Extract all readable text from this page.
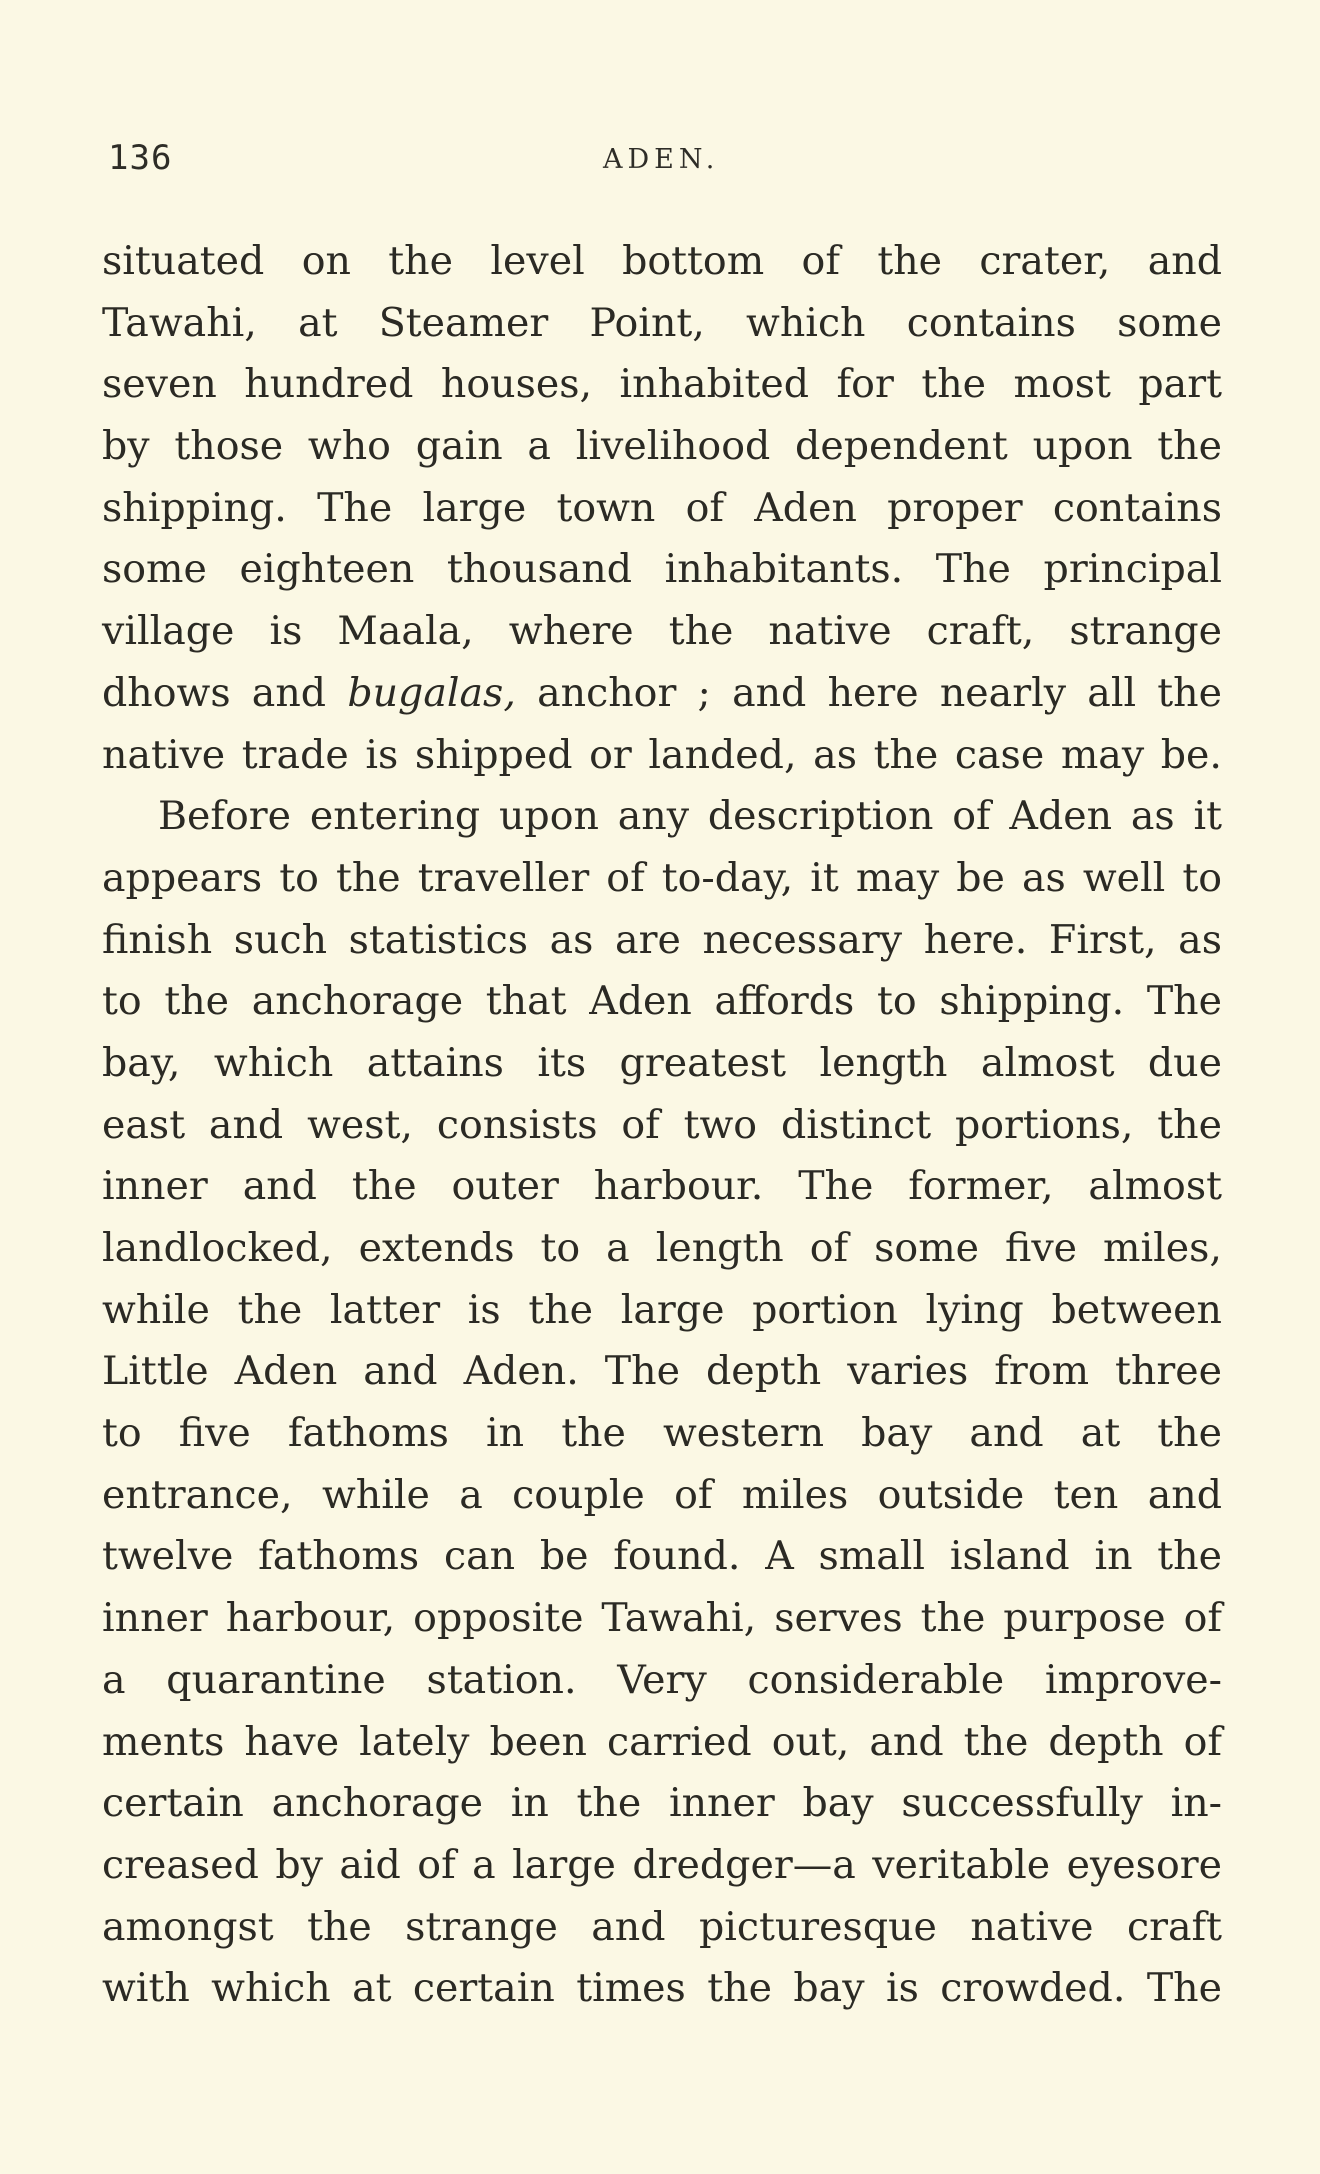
136	ADEN.
situated on the level bottom of the crater, and
Tawahi, at Steamer Point, which contains some
seven hundred houses, inhabited for the most part
by those who gain a livelihood dependent upon the
shipping. The large town of Aden proper contains
some eighteen thousand inhabitants. The principal
village is Maala, where the native craft, strange
dhows and bugalas, anchor ; and here nearly all the
native trade is shipped or landed, as the case may be.
Before entering upon any description of Aden as it
appears to the traveller of to-day, it may be as well to
finish such statistics as are necessary here. First, as
to the anchorage that Aden affords to shipping. The
bay, which attains its greatest length almost due
east and west, consists of two distinct portions, the
inner and the outer harbour. The former, almost
landlocked, extends to a length of some five miles,
while the latter is the large portion lying between
Little Aden and Aden. The depth varies from three
to five fathoms in the western bay and at the
entrance, while a couple of miles outside ten and
twelve fathoms can be found. A small island in the
inner harbour, opposite Tawahi, serves the purpose of
a quarantine station. Very considerable improve-
ments have lately been carried out, and the depth of
certain anchorage in the inner bay successfully in-
creased by aid of a large dredger—a veritable eyesore
amongst the strange and picturesque native craft
with which at certain times the bay is crowded. The
